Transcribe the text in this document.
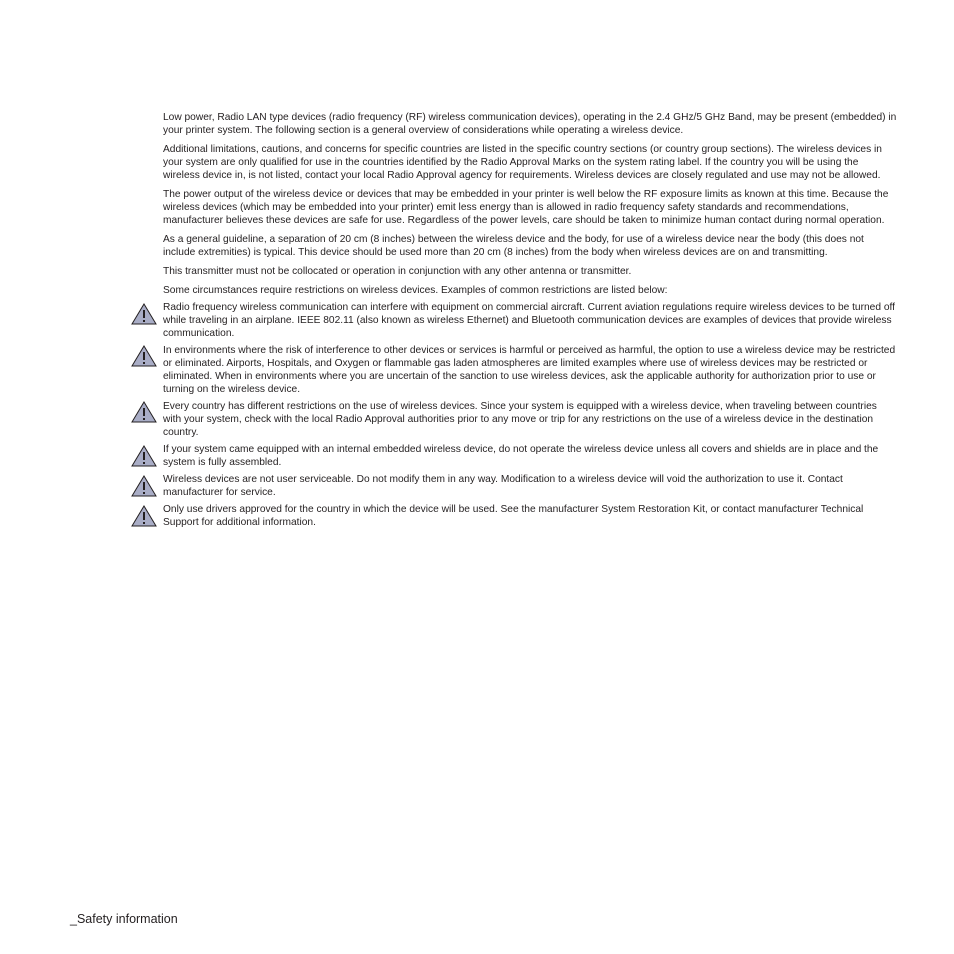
Low power, Radio LAN type devices (radio frequency (RF) wireless communication devices), operating in the 2.4 GHz/5 GHz Band, may be present (embedded) in your printer system. The following section is a general overview of considerations while operating a wireless device.

Additional limitations, cautions, and concerns for specific countries are listed in the specific country sections (or country group sections). The wireless devices in your system are only qualified for use in the countries identified by the Radio Approval Marks on the system rating label. If the country you will be using the wireless device in, is not listed, contact your local Radio Approval agency for requirements. Wireless devices are closely regulated and use may not be allowed.

The power output of the wireless device or devices that may be embedded in your printer is well below the RF exposure limits as known at this time. Because the wireless devices (which may be embedded into your printer) emit less energy than is allowed in radio frequency safety standards and recommendations, manufacturer believes these devices are safe for use. Regardless of the power levels, care should be taken to minimize human contact during normal operation.

As a general guideline, a separation of 20 cm (8 inches) between the wireless device and the body, for use of a wireless device near the body (this does not include extremities) is typical. This device should be used more than 20 cm (8 inches) from the body when wireless devices are on and transmitting.

This transmitter must not be collocated or operation in conjunction with any other antenna or transmitter.

Some circumstances require restrictions on wireless devices. Examples of common restrictions are listed below:

Radio frequency wireless communication can interfere with equipment on commercial aircraft. Current aviation regulations require wireless devices to be turned off while traveling in an airplane. IEEE 802.11 (also known as wireless Ethernet) and Bluetooth communication devices are examples of devices that provide wireless communication.
In environments where the risk of interference to other devices or services is harmful or perceived as harmful, the option to use a wireless device may be restricted or eliminated. Airports, Hospitals, and Oxygen or flammable gas laden atmospheres are limited examples where use of wireless devices may be restricted or eliminated. When in environments where you are uncertain of the sanction to use wireless devices, ask the applicable authority for authorization prior to use or turning on the wireless device.
Every country has different restrictions on the use of wireless devices. Since your system is equipped with a wireless device, when traveling between countries with your system, check with the local Radio Approval authorities prior to any move or trip for any restrictions on the use of a wireless device in the destination country.
If your system came equipped with an internal embedded wireless device, do not operate the wireless device unless all covers and shields are in place and the system is fully assembled.
Wireless devices are not user serviceable. Do not modify them in any way. Modification to a wireless device will void the authorization to use it. Contact manufacturer for service.
Only use drivers approved for the country in which the device will be used. See the manufacturer System Restoration Kit, or contact manufacturer Technical Support for additional information.
_Safety information
